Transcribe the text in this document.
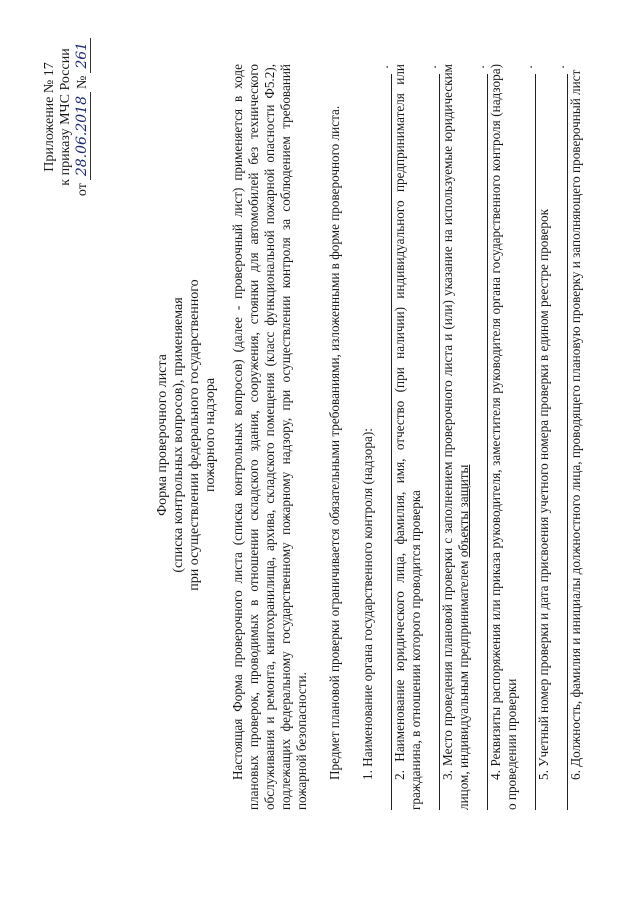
Приложение № 17 к приказу МЧС России
от
28.06.2018
№
261
Форма проверочного листа (списка контрольных вопросов), применяемая при осуществлении федерального государственного пожарного надзора Настоящая Форма проверочного листа (списка контрольных вопросов) (далее - проверочный лист) применяется в ходе плановых проверок, проводимых в отношении складского здания, сооружения, стоянки для автомобилей без технического обслуживания и ремонта, книгохранилища, архива, складского помещения (класс функциональной пожарной опасности Ф5.2), подлежащих федеральному государственному пожарному надзору, при осуществлении контроля за соблюдением требований пожарной безопасности. Предмет плановой проверки ограничивается обязательными требованиями, изложенными в форме проверочного листа. 1. Наименование органа государственного контроля (надзора):
. 2. Наименование юридического лица, фамилия, имя, отчество (при наличии) индивидуального предпринимателя или гражданина, в отношении которого проводится проверка

. 3. Место проведения плановой проверки с заполнением проверочного листа и (или) указание на используемые юридическим лицом, индивидуальным предпринимателем объекты защиты

. 4. Реквизиты распоряжения или приказа руководителя, заместителя руководителя органа государственного контроля (надзора) о проведении проверки

.

5. Учетный номер проверки и дата присвоения учетного номера проверки в едином реестре проверок

.

6. Должность, фамилия и инициалы должностного лица, проводящего плановую проверку и заполняющего проверочный лист
